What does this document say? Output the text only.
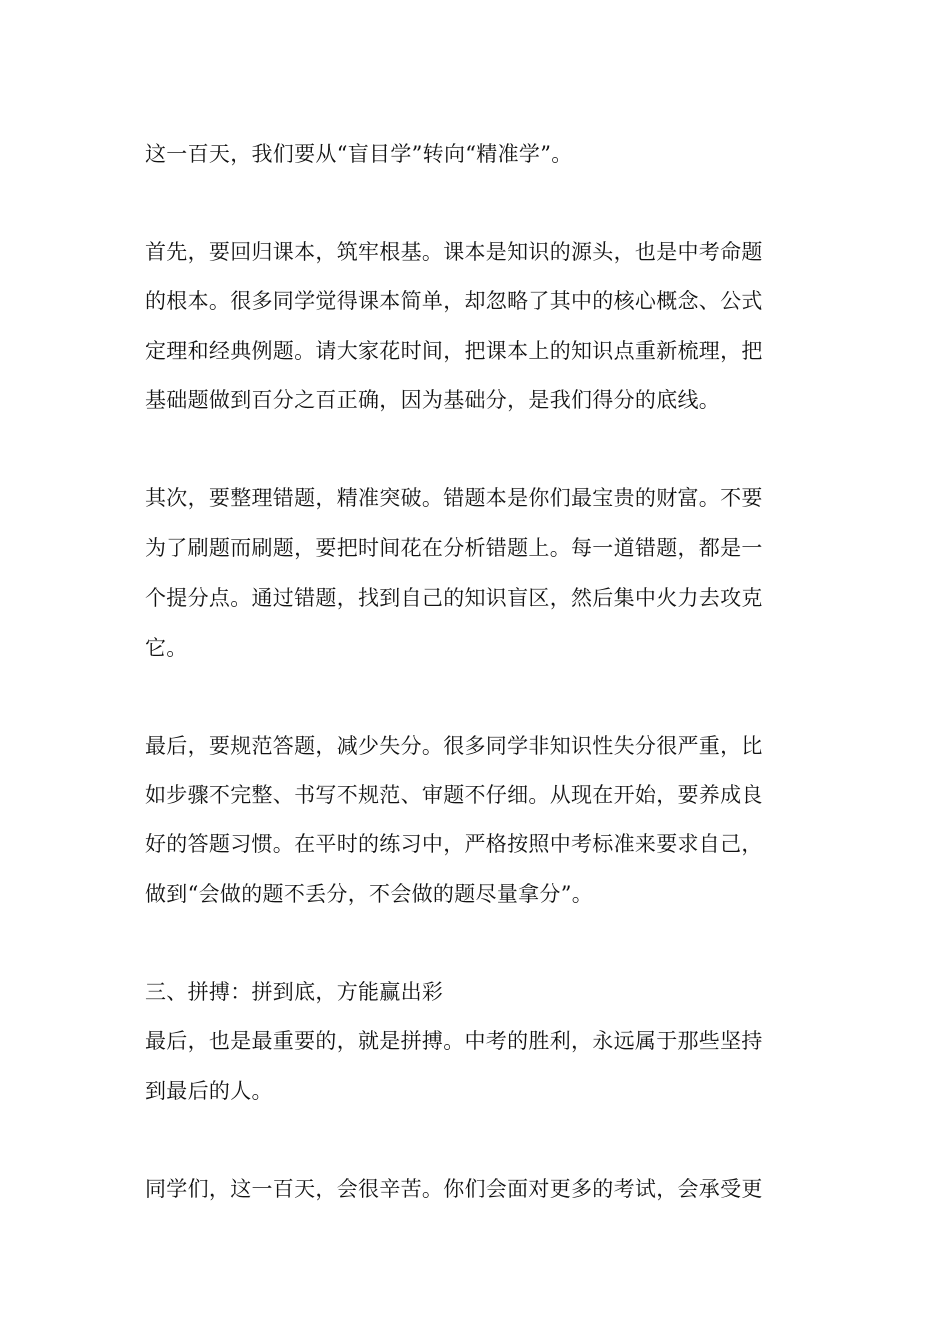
这一百天，我们要从“盲目学”转向“精准学”。
首先，要回归课本，筑牢根基。课本是知识的源头，也是中考命题
的根本。很多同学觉得课本简单，却忽略了其中的核心概念、公式
定理和经典例题。请大家花时间，把课本上的知识点重新梳理，把
基础题做到百分之百正确，因为基础分，是我们得分的底线。
其次，要整理错题，精准突破。错题本是你们最宝贵的财富。不要
为了刷题而刷题，要把时间花在分析错题上。每一道错题，都是一
个提分点。通过错题，找到自己的知识盲区，然后集中火力去攻克
它。
最后，要规范答题，减少失分。很多同学非知识性失分很严重，比
如步骤不完整、书写不规范、审题不仔细。从现在开始，要养成良
好的答题习惯。在平时的练习中，严格按照中考标准来要求自己，
做到“会做的题不丢分，不会做的题尽量拿分”。
三、拼搏：拼到底，方能赢出彩
最后，也是最重要的，就是拼搏。中考的胜利，永远属于那些坚持
到最后的人。
同学们，这一百天，会很辛苦。你们会面对更多的考试，会承受更
